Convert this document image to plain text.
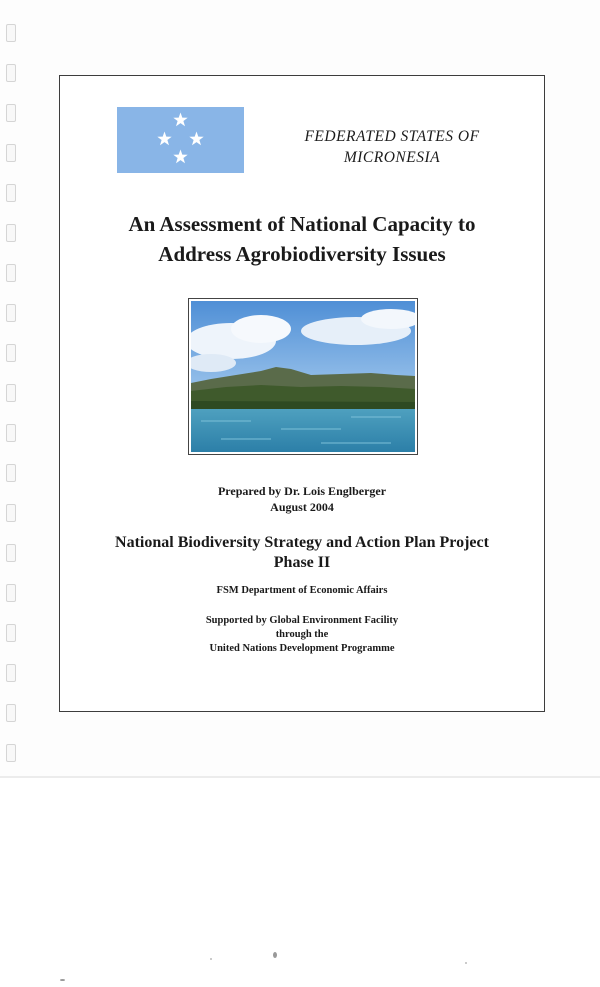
FEDERATED STATES OF
MICRONESIA
An Assessment of National Capacity to
Address Agrobiodiversity Issues
Prepared by Dr. Lois Englberger
August 2004
National Biodiversity Strategy and Action Plan Project
Phase II
FSM Department of Economic Affairs
Supported by Global Environment Facility
through the
United Nations Development Programme
